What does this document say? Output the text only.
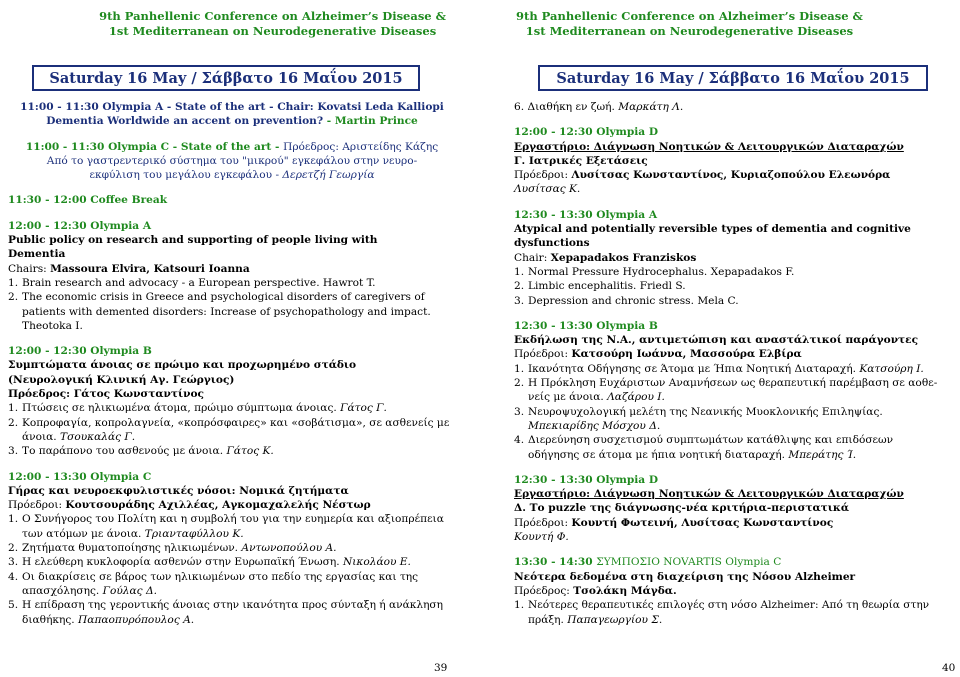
9th Panhellenic Conference on Alzheimer’s Disease &
1st Mediterranean on Neurodegenerative Diseases
Saturday 16 May / Σάββατο 16 Μαΐου 2015
11:00 - 11:30 Olympia A - State of the art - Chair: Kovatsi Leda Kalliopi
Dementia Worldwide an accent on prevention? - Martin Prince
11:00 - 11:30 Olympia C - State of the art - Πρόεδρος: Αριστείδης Κάζης
Από το γαστρεντερικό σύστημα του "μικρού" εγκεφάλου στην νευρο-
εκφύλιση του μεγάλου εγκεφάλου - Δερετζή Γεωργία
11:30 - 12:00 Coffee Break
12:00 - 12:30 Olympia A
Public policy on research and supporting of people living with
Dementia
Chairs: Massoura Elvira, Katsouri Ioanna
1. Brain research and advocacy - a European perspective. Hawrot T.
2. The economic crisis in Greece and psychological disorders of caregivers of patients with demented disorders: Increase of psychopathology and impact. Theotoka I.
12:00 - 12:30 Olympia B
Συμπτώματα άνοιας σε πρώιμο και προχωρημένο στάδιο
(Νευρολογική Κλινική Αγ. Γεώργιος)
Πρόεδρος: Γάτος Κωνσταντίνος
1. Πτώσεις σε ηλικιωμένα άτομα, πρώιμο σύμπτωμα άνοιας. Γάτος Γ.
2. Κοπροφαγία, κοπρολαγνεία, «κοπρόσφαιρες» και «σοβάτισμα», σε ασθενείς με άνοια. Τσουκαλάς Γ.
3. Το παράπονο του ασθενούς με άνοια. Γάτος Κ.
12:00 - 13:30 Olympia C
Γήρας και νευροεκφυλιστικές νόσοι: Νομικά ζητήματα
Πρόεδροι: Κουτσουράδης Αχιλλέας, Αγκομαχαλελής Νέστωρ
1. Ο Συνήγορος του Πολίτη και η συμβολή του για την ευημερία και αξιοπρέπεια των ατόμων με άνοια. Τριανταφύλλου Κ.
2. Ζητήματα θυματοποίησης ηλικιωμένων. Αντωνοπούλου Α.
3. Η ελεύθερη κυκλοφορία ασθενών στην Ευρωπαϊκή Ένωση. Νικολάου Ε.
4. Οι διακρίσεις σε βάρος των ηλικιωμένων στο πεδίο της εργασίας και της απασχόλησης. Γούλας Δ.
5. Η επίδραση της γεροντικής άνοιας στην ικανότητα προς σύνταξη ή ανάκληση διαθήκης. Παπαοπυρόπουλος Α.
39
9th Panhellenic Conference on Alzheimer’s Disease &
1st Mediterranean on Neurodegenerative Diseases
Saturday 16 May / Σάββατο 16 Μαΐου 2015
6. Διαθήκη εν ζωή. Μαρκάτη Λ.
12:00 - 12:30 Olympia D
Εργαστήριο: Διάγνωση Νοητικών & Λειτουργικών Διαταραχών
Γ. Ιατρικές Εξετάσεις
Πρόεδροι: Λυσίτσας Κωνσταντίνος, Κυριαζοπούλου Ελεωνόρα
Λυσίτσας Κ.
12:30 - 13:30 Olympia A
Atypical and potentially reversible types of dementia and cognitive
dysfunctions
Chair: Xepapadakos Franziskos
1. Normal Pressure Hydrocephalus. Xepapadakos F.
2. Limbic encephalitis. Friedl S.
3. Depression and chronic stress. Mela C.
12:30 - 13:30 Olympia B
Εκδήλωση της Ν.Α., αντιμετώπιση και αναστάλτικοί παράγοντες
Πρόεδροι: Κατσούρη Ιωάννα, Μασσούρα Ελβίρα
1. Ικανότητα Οδήγησης σε Άτομα με Ήπια Νοητική Διαταραχή. Κατσούρη Ι.
2. Η Πρόκληση Ευχάριστων Αναμνήσεων ως θεραπευτική παρέμβαση σε αοθενείς με άνοια. Λαζάρου Ι.
3. Νευροψυχολογική μελέτη της Νεανικής Μυοκλονικής Επιληψίας. Μπεκιαρίδης Μόσχου Δ.
4. Διερεύνηση συσχετισμού συμπτωμάτων κατάθλιψης και επιδόσεων οδήγησης σε άτομα με ήπια νοητική διαταραχή. Μπεράτης Ί.
12:30 - 13:30 Olympia D
Εργαστήριο: Διάγνωση Νοητικών & Λειτουργικών Διαταραχών
Δ. Το puzzle της διάγνωσης-νέα κριτήρια-περιστατικά
Πρόεδροι: Κουντή Φωτεινή, Λυσίτσας Κωνσταντίνος
Κουντή Φ.
13:30 - 14:30 ΣΥΜΠΟΣΙΟ NOVARTIS Olympia C
Νεότερα δεδομένα στη διαχείριση της Νόσου Alzheimer
Πρόεδρος: Τσολάκη Μάγδα.
1. Νεότερες θεραπευτικές επιλογές στη νόσο Alzheimer: Από τη θεωρία στην πράξη. Παπαγεωργίου Σ.
40
